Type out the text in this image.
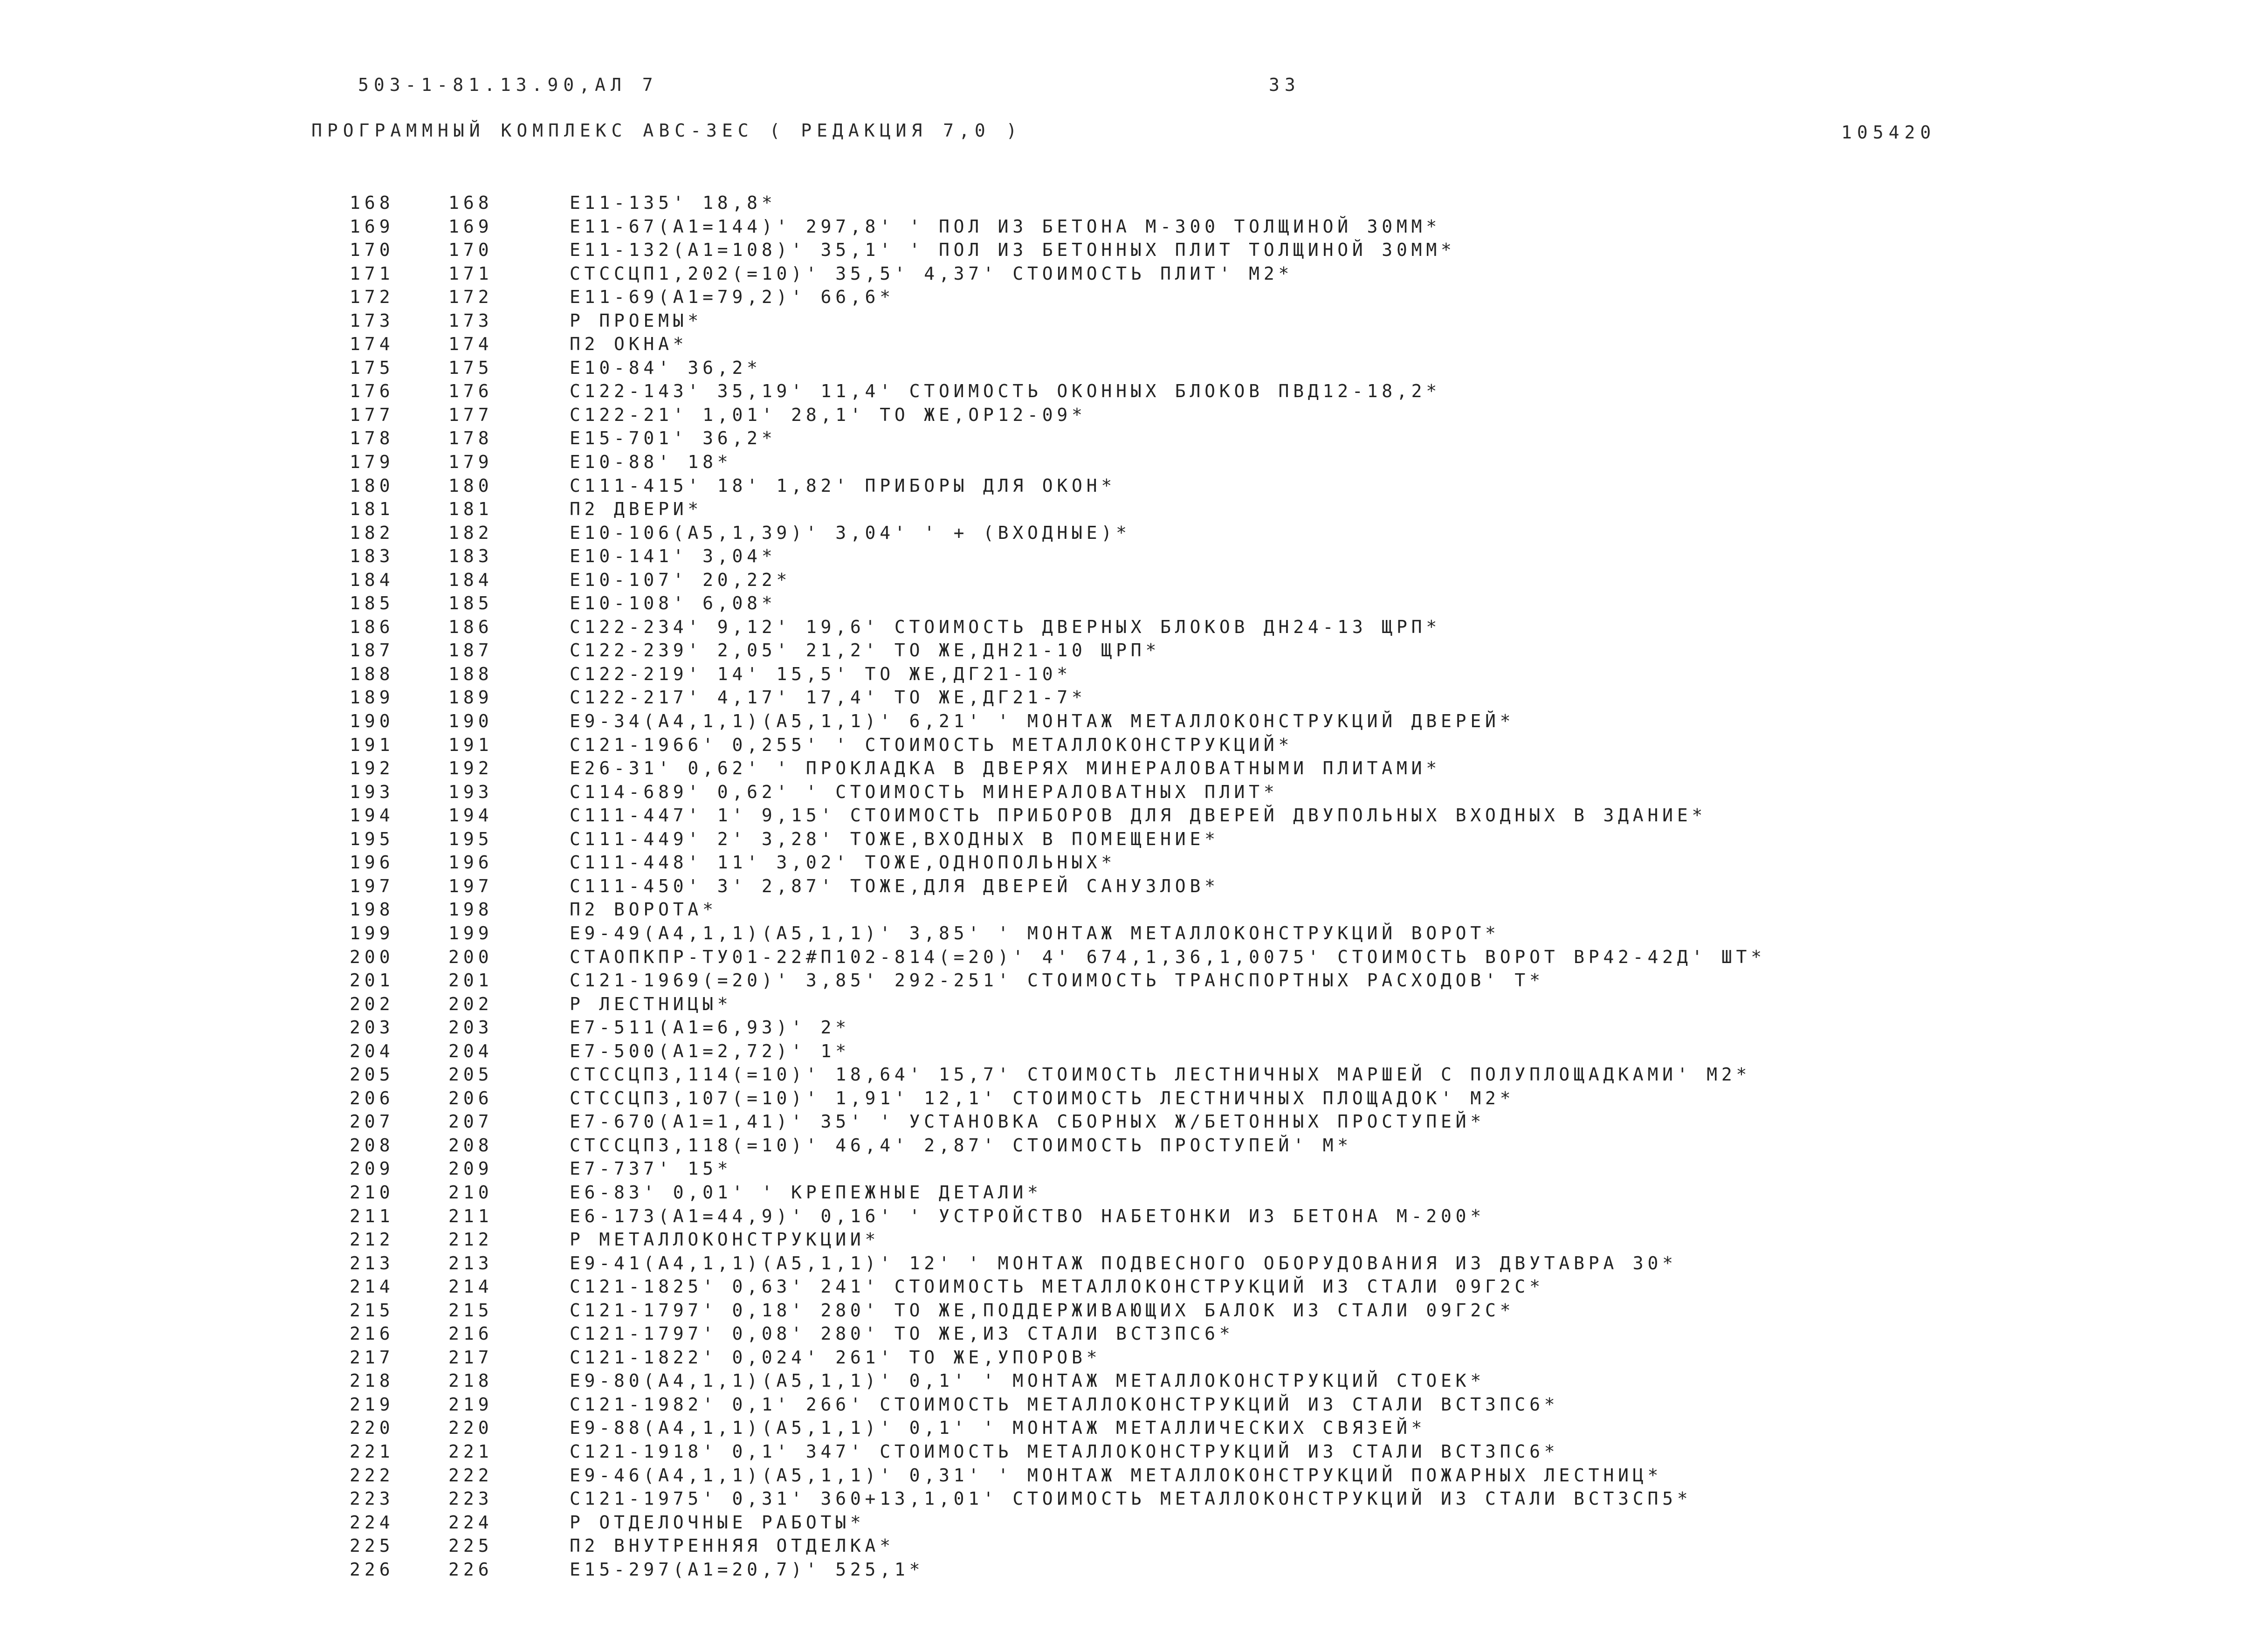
503-1-81.13.90,АЛ 7	33
ПРОГРАММНЫЙ КОМПЛЕКС АВС-3ЕС ( РЕДАКЦИЯ 7,0 )	105420
168	168	Е11-135' 18,8*
169	169	Е11-67(А1=144)' 297,8' ' ПОЛ ИЗ БЕТОНА М-300 ТОЛЩИНОЙ 30ММ*
170	170	Е11-132(А1=108)' 35,1' ' ПОЛ ИЗ БЕТОННЫХ ПЛИТ ТОЛЩИНОЙ 30ММ*
171	171	СТССЦП1,202(=10)' 35,5' 4,37' СТОИМОСТЬ ПЛИТ' М2*
172	172	Е11-69(А1=79,2)' 66,6*
173	173	Р ПРОЕМЫ*
174	174	П2 ОКНА*
175	175	Е10-84' 36,2*
176	176	С122-143' 35,19' 11,4' СТОИМОСТЬ ОКОННЫХ БЛОКОВ ПВД12-18,2*
177	177	С122-21' 1,01' 28,1' ТО ЖЕ,ОР12-09*
178	178	Е15-701' 36,2*
179	179	Е10-88' 18*
180	180	С111-415' 18' 1,82' ПРИБОРЫ ДЛЯ ОКОН*
181	181	П2 ДВЕРИ*
182	182	Е10-106(А5,1,39)' 3,04' ' + (ВХОДНЫЕ)*
183	183	Е10-141' 3,04*
184	184	Е10-107' 20,22*
185	185	Е10-108' 6,08*
186	186	С122-234' 9,12' 19,6' СТОИМОСТЬ ДВЕРНЫХ БЛОКОВ ДН24-13 ЩРП*
187	187	С122-239' 2,05' 21,2' ТО ЖЕ,ДН21-10 ЩРП*
188	188	С122-219' 14' 15,5' ТО ЖЕ,ДГ21-10*
189	189	С122-217' 4,17' 17,4' ТО ЖЕ,ДГ21-7*
190	190	Е9-34(А4,1,1)(А5,1,1)' 6,21' ' МОНТАЖ МЕТАЛЛОКОНСТРУКЦИЙ ДВЕРЕЙ*
191	191	С121-1966' 0,255' ' СТОИМОСТЬ МЕТАЛЛОКОНСТРУКЦИЙ*
192	192	Е26-31' 0,62' ' ПРОКЛАДКА В ДВЕРЯХ МИНЕРАЛОВАТНЫМИ ПЛИТАМИ*
193	193	С114-689' 0,62' ' СТОИМОСТЬ МИНЕРАЛОВАТНЫХ ПЛИТ*
194	194	С111-447' 1' 9,15' СТОИМОСТЬ ПРИБОРОВ ДЛЯ ДВЕРЕЙ ДВУПОЛЬНЫХ ВХОДНЫХ В ЗДАНИЕ*
195	195	С111-449' 2' 3,28' ТОЖЕ,ВХОДНЫХ В ПОМЕЩЕНИЕ*
196	196	С111-448' 11' 3,02' ТОЖЕ,ОДНОПОЛЬНЫХ*
197	197	С111-450' 3' 2,87' ТОЖЕ,ДЛЯ ДВЕРЕЙ САНУЗЛОВ*
198	198	П2 ВОРОТА*
199	199	Е9-49(А4,1,1)(А5,1,1)' 3,85' ' МОНТАЖ МЕТАЛЛОКОНСТРУКЦИЙ ВОРОТ*
200	200	СТАОПКПР-ТУ01-22#П102-814(=20)' 4' 674,1,36,1,0075' СТОИМОСТЬ ВОРОТ ВР42-42Д' ШТ*
201	201	С121-1969(=20)' 3,85' 292-251' СТОИМОСТЬ ТРАНСПОРТНЫХ РАСХОДОВ' Т*
202	202	Р ЛЕСТНИЦЫ*
203	203	Е7-511(А1=6,93)' 2*
204	204	Е7-500(А1=2,72)' 1*
205	205	СТССЦП3,114(=10)' 18,64' 15,7' СТОИМОСТЬ ЛЕСТНИЧНЫХ МАРШЕЙ С ПОЛУПЛОЩАДКАМИ' М2*
206	206	СТССЦП3,107(=10)' 1,91' 12,1' СТОИМОСТЬ ЛЕСТНИЧНЫХ ПЛОЩАДОК' М2*
207	207	Е7-670(А1=1,41)' 35' ' УСТАНОВКА СБОРНЫХ Ж/БЕТОННЫХ ПРОСТУПЕЙ*
208	208	СТССЦП3,118(=10)' 46,4' 2,87' СТОИМОСТЬ ПРОСТУПЕЙ' М*
209	209	Е7-737' 15*
210	210	Е6-83' 0,01' ' КРЕПЕЖНЫЕ ДЕТАЛИ*
211	211	Е6-173(А1=44,9)' 0,16' ' УСТРОЙСТВО НАБЕТОНКИ ИЗ БЕТОНА М-200*
212	212	Р МЕТАЛЛОКОНСТРУКЦИИ*
213	213	Е9-41(А4,1,1)(А5,1,1)' 12' ' МОНТАЖ ПОДВЕСНОГО ОБОРУДОВАНИЯ ИЗ ДВУТАВРА 30*
214	214	С121-1825' 0,63' 241' СТОИМОСТЬ МЕТАЛЛОКОНСТРУКЦИЙ ИЗ СТАЛИ 09Г2С*
215	215	С121-1797' 0,18' 280' ТО ЖЕ,ПОДДЕРЖИВАЮЩИХ БАЛОК ИЗ СТАЛИ 09Г2С*
216	216	С121-1797' 0,08' 280' ТО ЖЕ,ИЗ СТАЛИ ВСТ3ПС6*
217	217	С121-1822' 0,024' 261' ТО ЖЕ,УПОРОВ*
218	218	Е9-80(А4,1,1)(А5,1,1)' 0,1' ' МОНТАЖ МЕТАЛЛОКОНСТРУКЦИЙ СТОЕК*
219	219	С121-1982' 0,1' 266' СТОИМОСТЬ МЕТАЛЛОКОНСТРУКЦИЙ ИЗ СТАЛИ ВСТ3ПС6*
220	220	Е9-88(А4,1,1)(А5,1,1)' 0,1' ' МОНТАЖ МЕТАЛЛИЧЕСКИХ СВЯЗЕЙ*
221	221	С121-1918' 0,1' 347' СТОИМОСТЬ МЕТАЛЛОКОНСТРУКЦИЙ ИЗ СТАЛИ ВСТ3ПС6*
222	222	Е9-46(А4,1,1)(А5,1,1)' 0,31' ' МОНТАЖ МЕТАЛЛОКОНСТРУКЦИЙ ПОЖАРНЫХ ЛЕСТНИЦ*
223	223	С121-1975' 0,31' 360+13,1,01' СТОИМОСТЬ МЕТАЛЛОКОНСТРУКЦИЙ ИЗ СТАЛИ ВСТ3СП5*
224	224	Р ОТДЕЛОЧНЫЕ РАБОТЫ*
225	225	П2 ВНУТРЕННЯЯ ОТДЕЛКА*
226	226	Е15-297(А1=20,7)' 525,1*
